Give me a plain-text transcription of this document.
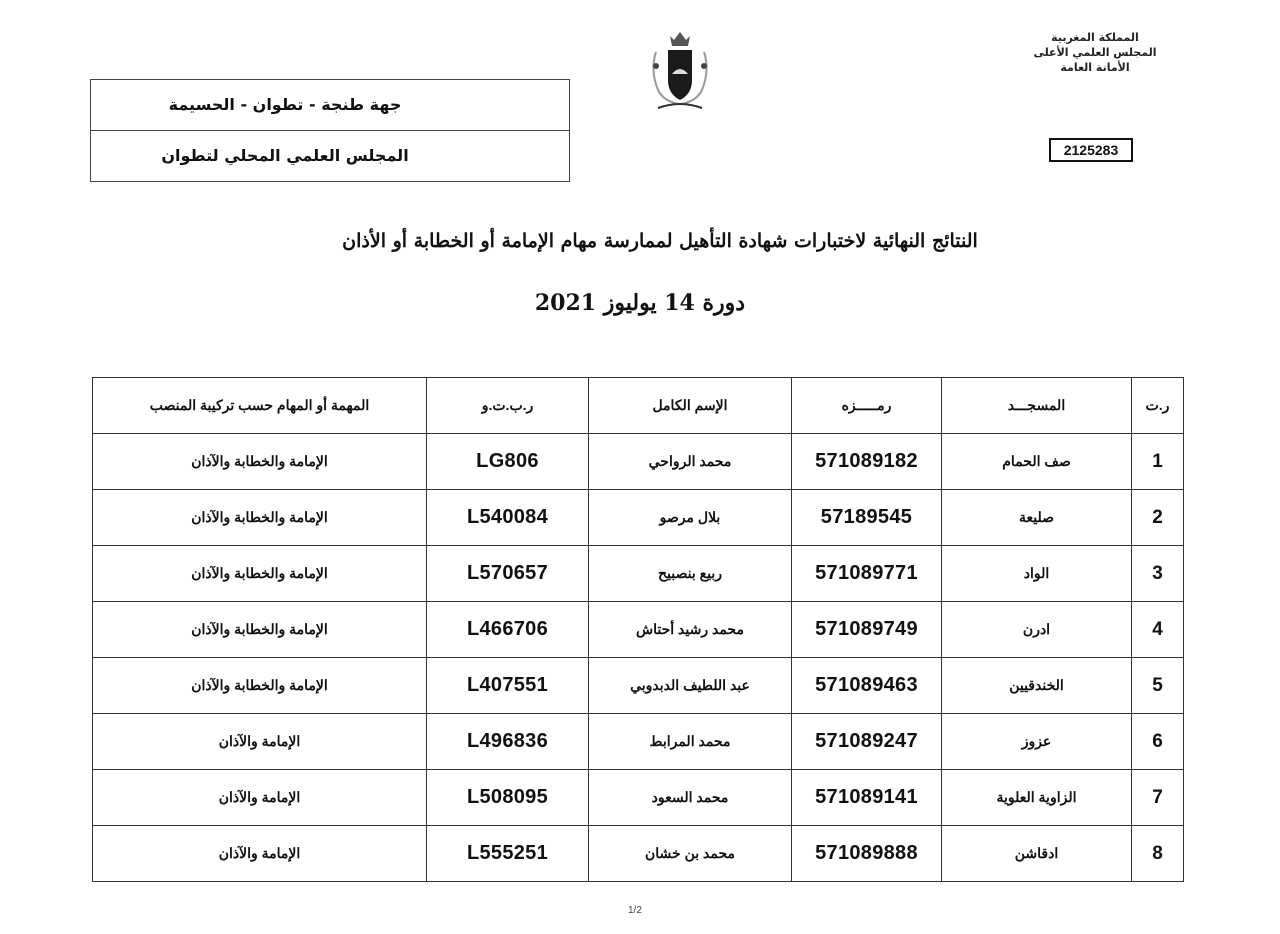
المملكة المغربية
المجلس العلمي الأعلى
الأمانة العامة
2125283
جهة طنجة - تطوان - الحسيمة
المجلس العلمي المحلي لتطوان
النتائج النهائية لاختبارات شهادة التأهيل لممارسة مهام الإمامة أو الخطابة أو الأذان
دورة 14 يوليوز 2021
ر.ت	المسجـــد	رمـــــزه	الإسم الكامل	ر.ب.ت.و	المهمة أو المهام حسب تركيبة المنصب
1	صف الحمام	571089182	محمد الرواحي	LG806	الإمامة والخطابة والآذان
2	صليعة	57189545	بلال مرصو	L540084	الإمامة والخطابة والآذان
3	الواد	571089771	ربيع بنصبيح	L570657	الإمامة والخطابة والآذان
4	ادرن	571089749	محمد رشيد أحتاش	L466706	الإمامة والخطابة والآذان
5	الخندقيين	571089463	عبد اللطيف الدبدوبي	L407551	الإمامة والخطابة والآذان
6	عزوز	571089247	محمد المرابط	L496836	الإمامة والآذان
7	الزاوية العلوية	571089141	محمد السعود	L508095	الإمامة والآذان
8	ادقاشن	571089888	محمد بن خشان	L555251	الإمامة والآذان
1/2
